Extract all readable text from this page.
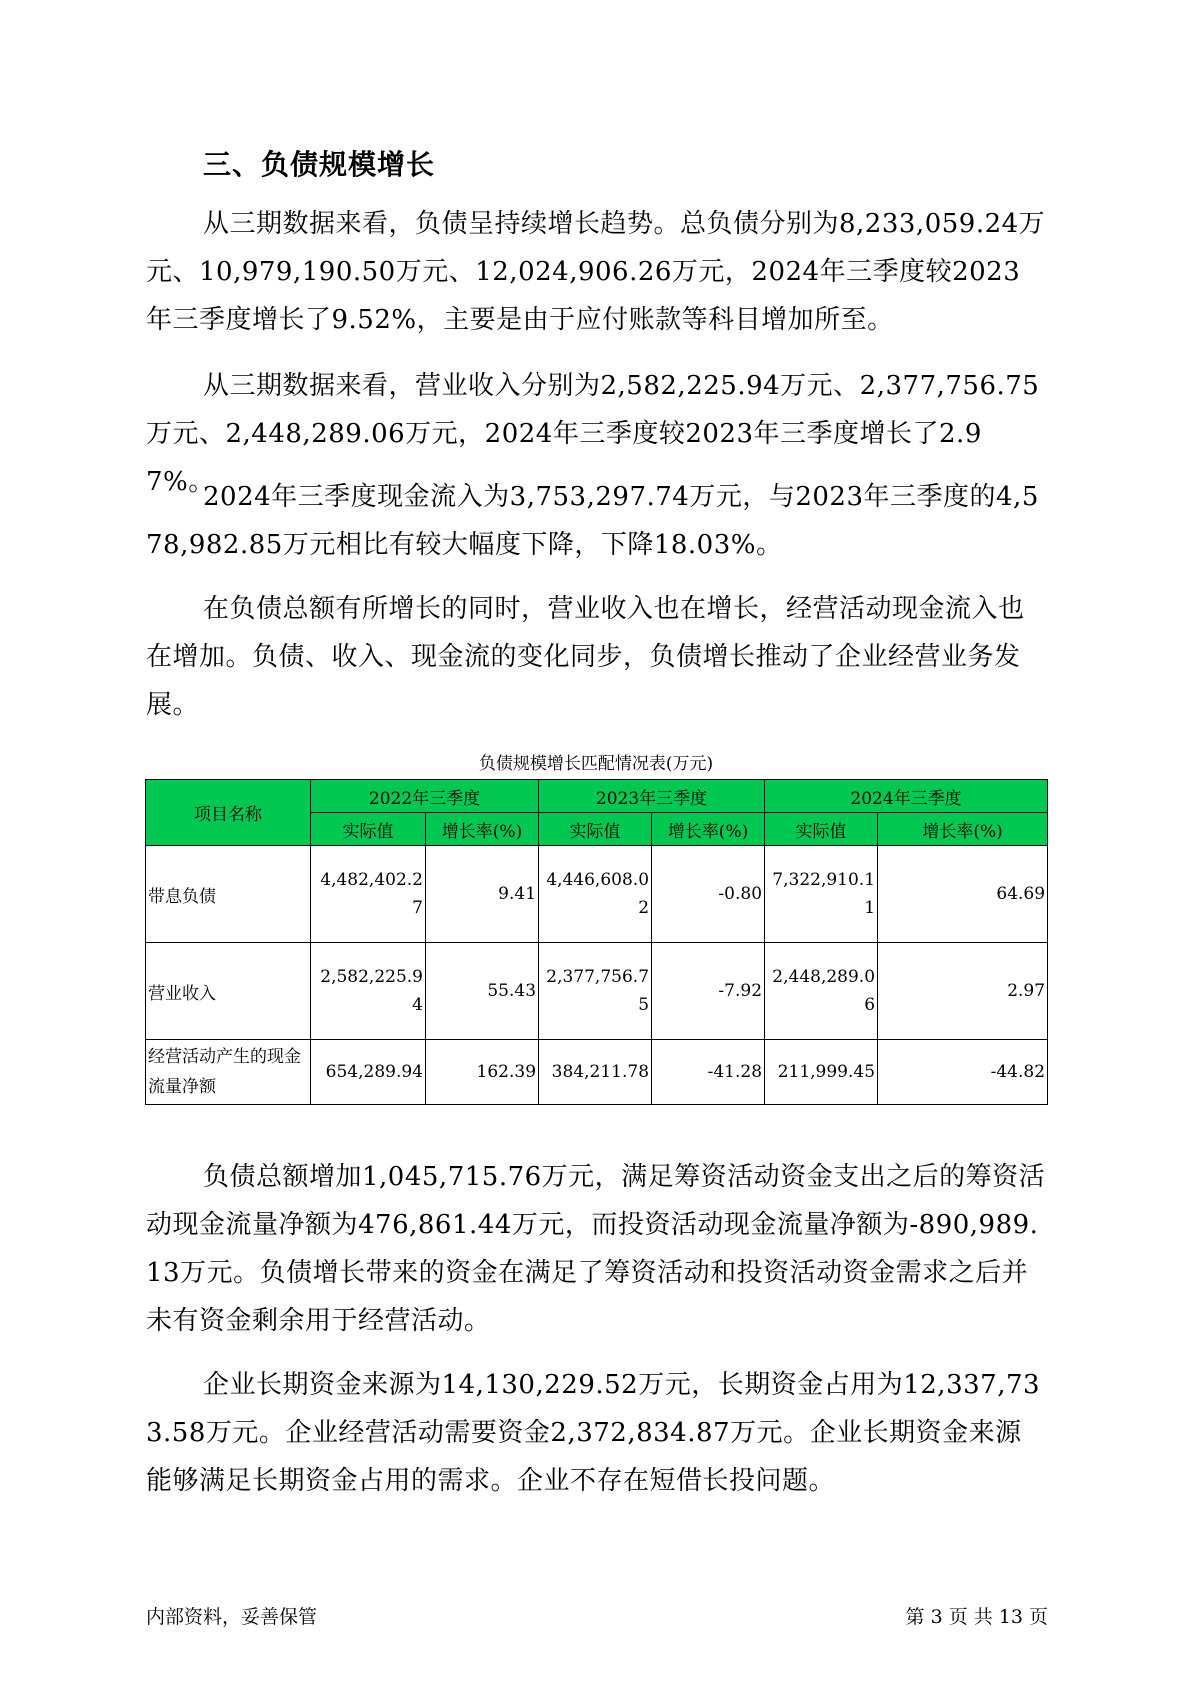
三、负债规模增长

从三期数据来看，负债呈持续增长趋势。总负债分别为8,233,059.24万元、10,979,190.50万元、12,024,906.26万元，2024年三季度较2023年三季度增长了9.52%，主要是由于应付账款等科目增加所至。

从三期数据来看，营业收入分别为2,582,225.94万元、2,377,756.75万元、2,448,289.06万元，2024年三季度较2023年三季度增长了2.97%。

2024年三季度现金流入为3,753,297.74万元，与2023年三季度的4,578,982.85万元相比有较大幅度下降，下降18.03%。

在负债总额有所增长的同时，营业收入也在增长，经营活动现金流入也在增加。负债、收入、现金流的变化同步，负债增长推动了企业经营业务发展。

负债规模增长匹配情况表(万元)

项目名称	2022年三季度		2023年三季度		2024年三季度	
	实际值	增长率(%)	实际值	增长率(%)	实际值	增长率(%)
带息负债	4,482,402.27	9.41	4,446,608.02	-0.80	7,322,910.11	64.69
营业收入	2,582,225.94	55.43	2,377,756.75	-7.92	2,448,289.06	2.97
经营活动产生的现金流量净额	654,289.94	162.39	384,211.78	-41.28	211,999.45	-44.82

负债总额增加1,045,715.76万元，满足筹资活动资金支出之后的筹资活动现金流量净额为476,861.44万元，而投资活动现金流量净额为-890,989.13万元。负债增长带来的资金在满足了筹资活动和投资活动资金需求之后并未有资金剩余用于经营活动。

企业长期资金来源为14,130,229.52万元，长期资金占用为12,337,733.58万元。企业经营活动需要资金2,372,834.87万元。企业长期资金来源能够满足长期资金占用的需求。企业不存在短借长投问题。

内部资料，妥善保管	第 3 页 共 13 页
